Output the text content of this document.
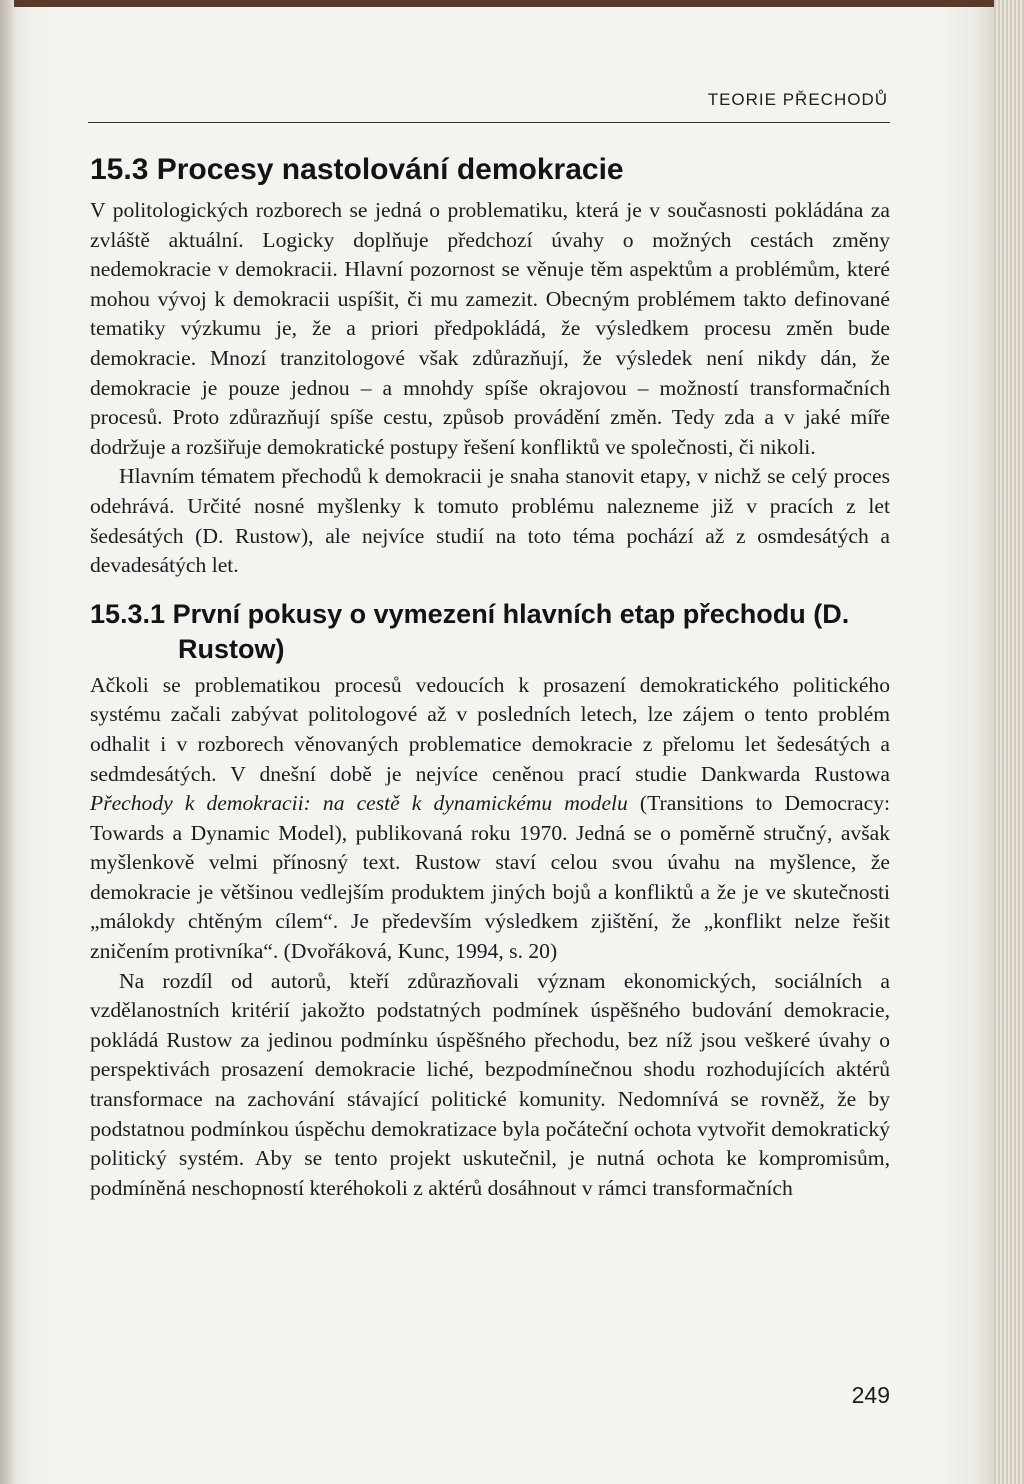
TEORIE PŘECHODŮ
15.3 Procesy nastolování demokracie

V politologických rozborech se jedná o problematiku, která je v současnosti pokládána za zvláště aktuální. Logicky doplňuje předchozí úvahy o možných cestách změny nedemokracie v demokracii. Hlavní pozornost se věnuje těm aspektům a problémům, které mohou vývoj k demokracii uspíšit, či mu zamezit. Obecným problémem takto definované tematiky výzkumu je, že a priori předpokládá, že výsledkem procesu změn bude demokracie. Mnozí tranzitologové však zdůrazňují, že výsledek není nikdy dán, že demokracie je pouze jednou – a mnohdy spíše okrajovou – možností transformačních procesů. Proto zdůrazňují spíše cestu, způsob provádění změn. Tedy zda a v jaké míře dodržuje a rozšiřuje demokratické postupy řešení konfliktů ve společnosti, či nikoli.

Hlavním tématem přechodů k demokracii je snaha stanovit etapy, v nichž se celý proces odehrává. Určité nosné myšlenky k tomuto problému nalezneme již v pracích z let šedesátých (D. Rustow), ale nejvíce studií na toto téma pochází až z osmdesátých a devadesátých let.

15.3.1 První pokusy o vymezení hlavních etap přechodu (D. Rustow)

Ačkoli se problematikou procesů vedoucích k prosazení demokratického politického systému začali zabývat politologové až v posledních letech, lze zájem o tento problém odhalit i v rozborech věnovaných problematice demokracie z přelomu let šedesátých a sedmdesátých. V dnešní době je nejvíce ceněnou prací studie Dankwarda Rustowa Přechody k demokracii: na cestě k dynamickému modelu (Transitions to Democracy: Towards a Dynamic Model), publikovaná roku 1970. Jedná se o poměrně stručný, avšak myšlenkově velmi přínosný text. Rustow staví celou svou úvahu na myšlence, že demokracie je většinou vedlejším produktem jiných bojů a konfliktů a že je ve skutečnosti „málokdy chtěným cílem“. Je především výsledkem zjištění, že „konflikt nelze řešit zničením protivníka“. (Dvořáková, Kunc, 1994, s. 20)

Na rozdíl od autorů, kteří zdůrazňovali význam ekonomických, sociálních a vzdělanostních kritérií jakožto podstatných podmínek úspěšného budování demokracie, pokládá Rustow za jedinou podmínku úspěšného přechodu, bez níž jsou veškeré úvahy o perspektivách prosazení demokracie liché, bezpodmínečnou shodu rozhodujících aktérů transformace na zachování stávající politické komunity. Nedomnívá se rovněž, že by podstatnou podmínkou úspěchu demokratizace byla počáteční ochota vytvořit demokratický politický systém. Aby se tento projekt uskutečnil, je nutná ochota ke kompromisům, podmíněná neschopností kteréhokoli z aktérů dosáhnout v rámci transformačních

249
